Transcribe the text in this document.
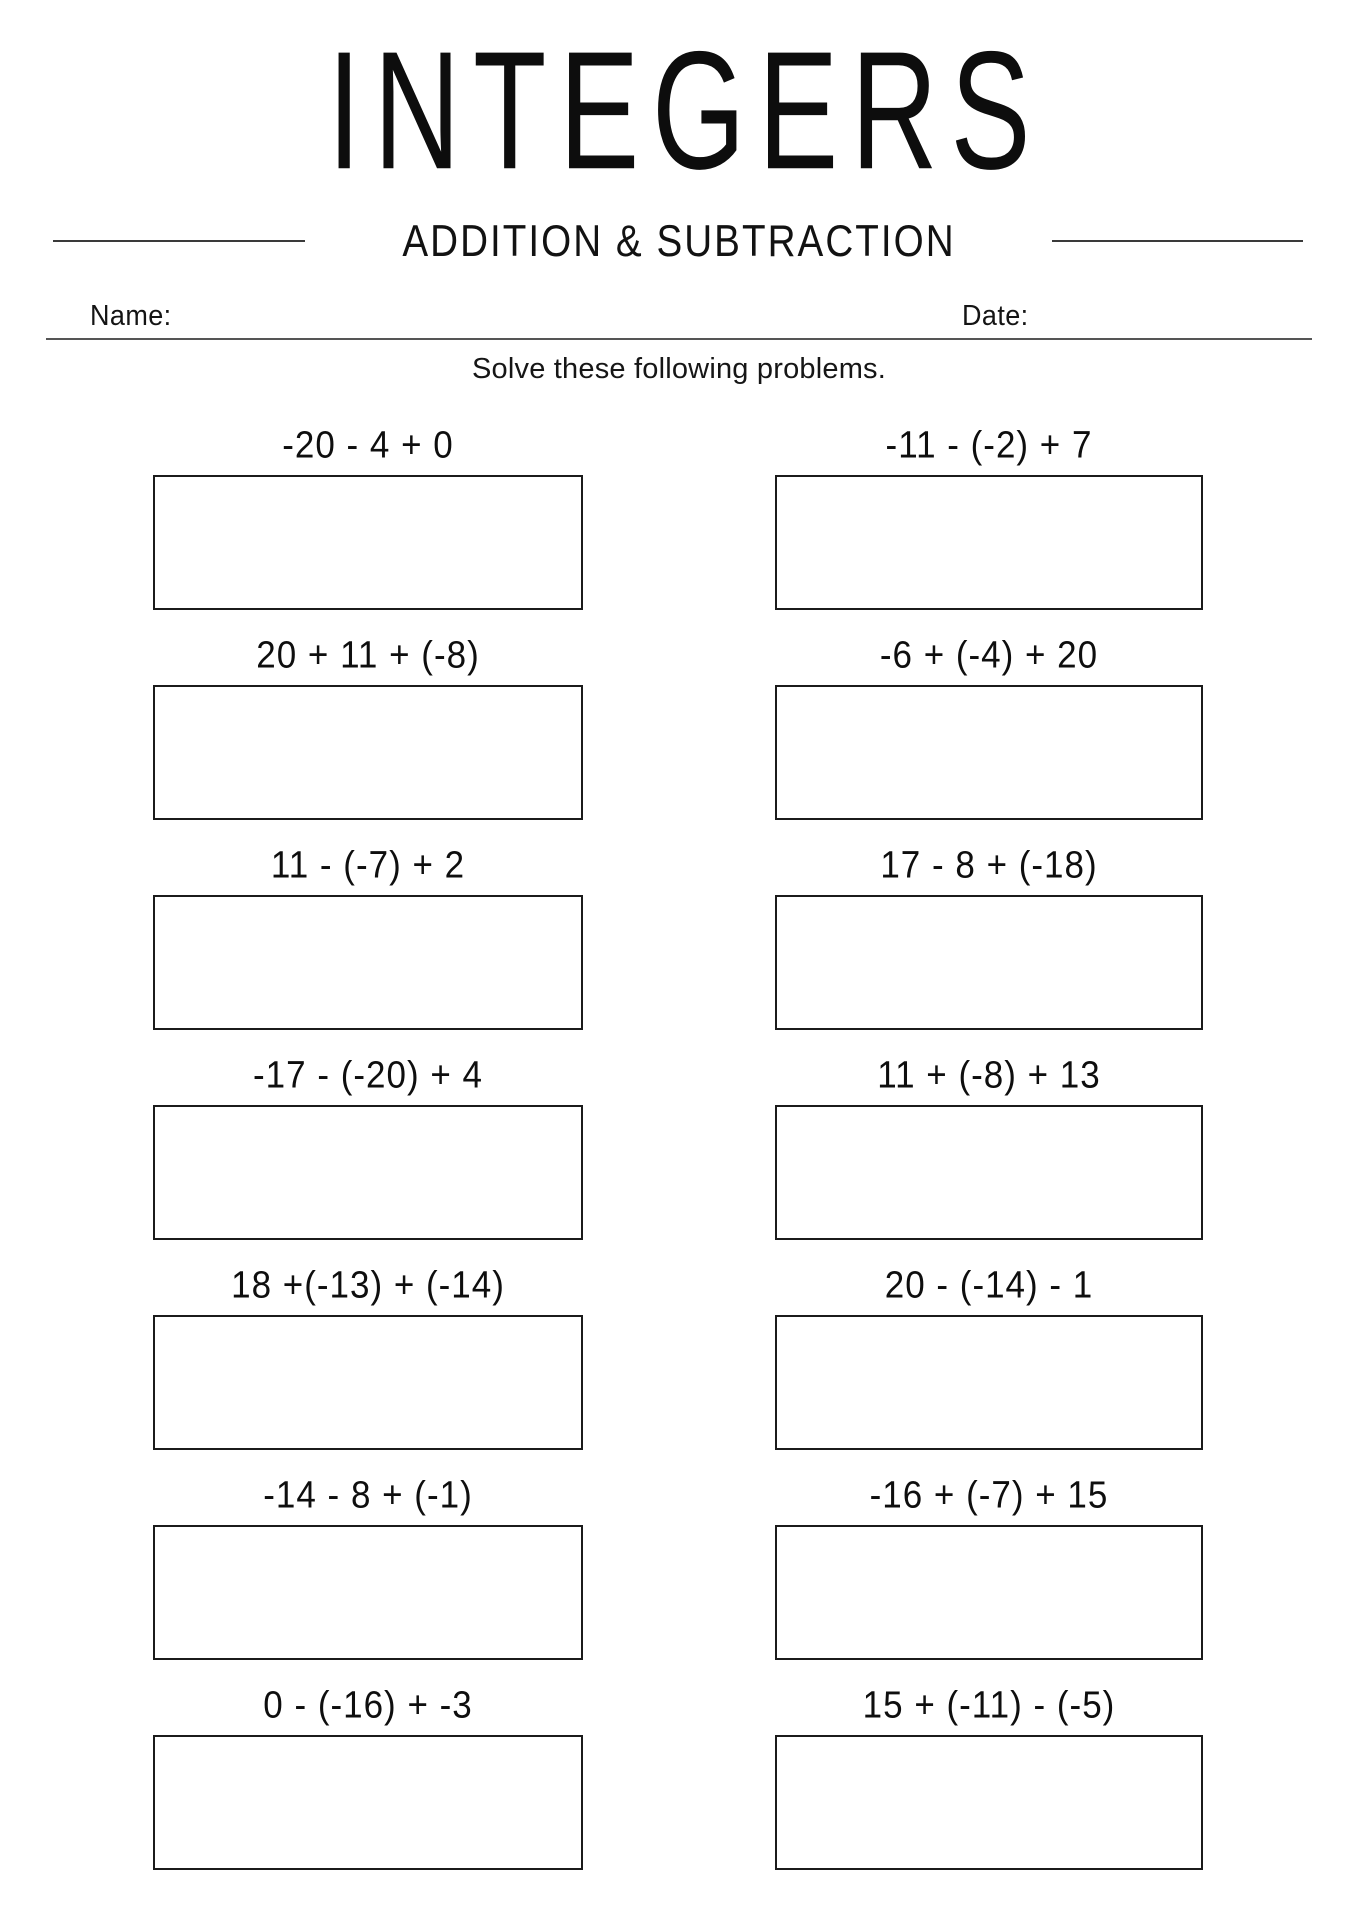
INTEGERS
ADDITION & SUBTRACTION
Name:	Date:
Solve these following problems.
-20 - 4 + 0	-11 - (-2) + 7
20 + 11 + (-8)	-6 + (-4) + 20
11 - (-7) + 2	17 - 8 + (-18)
-17 - (-20) + 4	11 + (-8) + 13
18 +(-13) + (-14)	20 - (-14) - 1
-14 - 8 + (-1)	-16 + (-7) + 15
0 - (-16) + -3	15 + (-11) - (-5)
